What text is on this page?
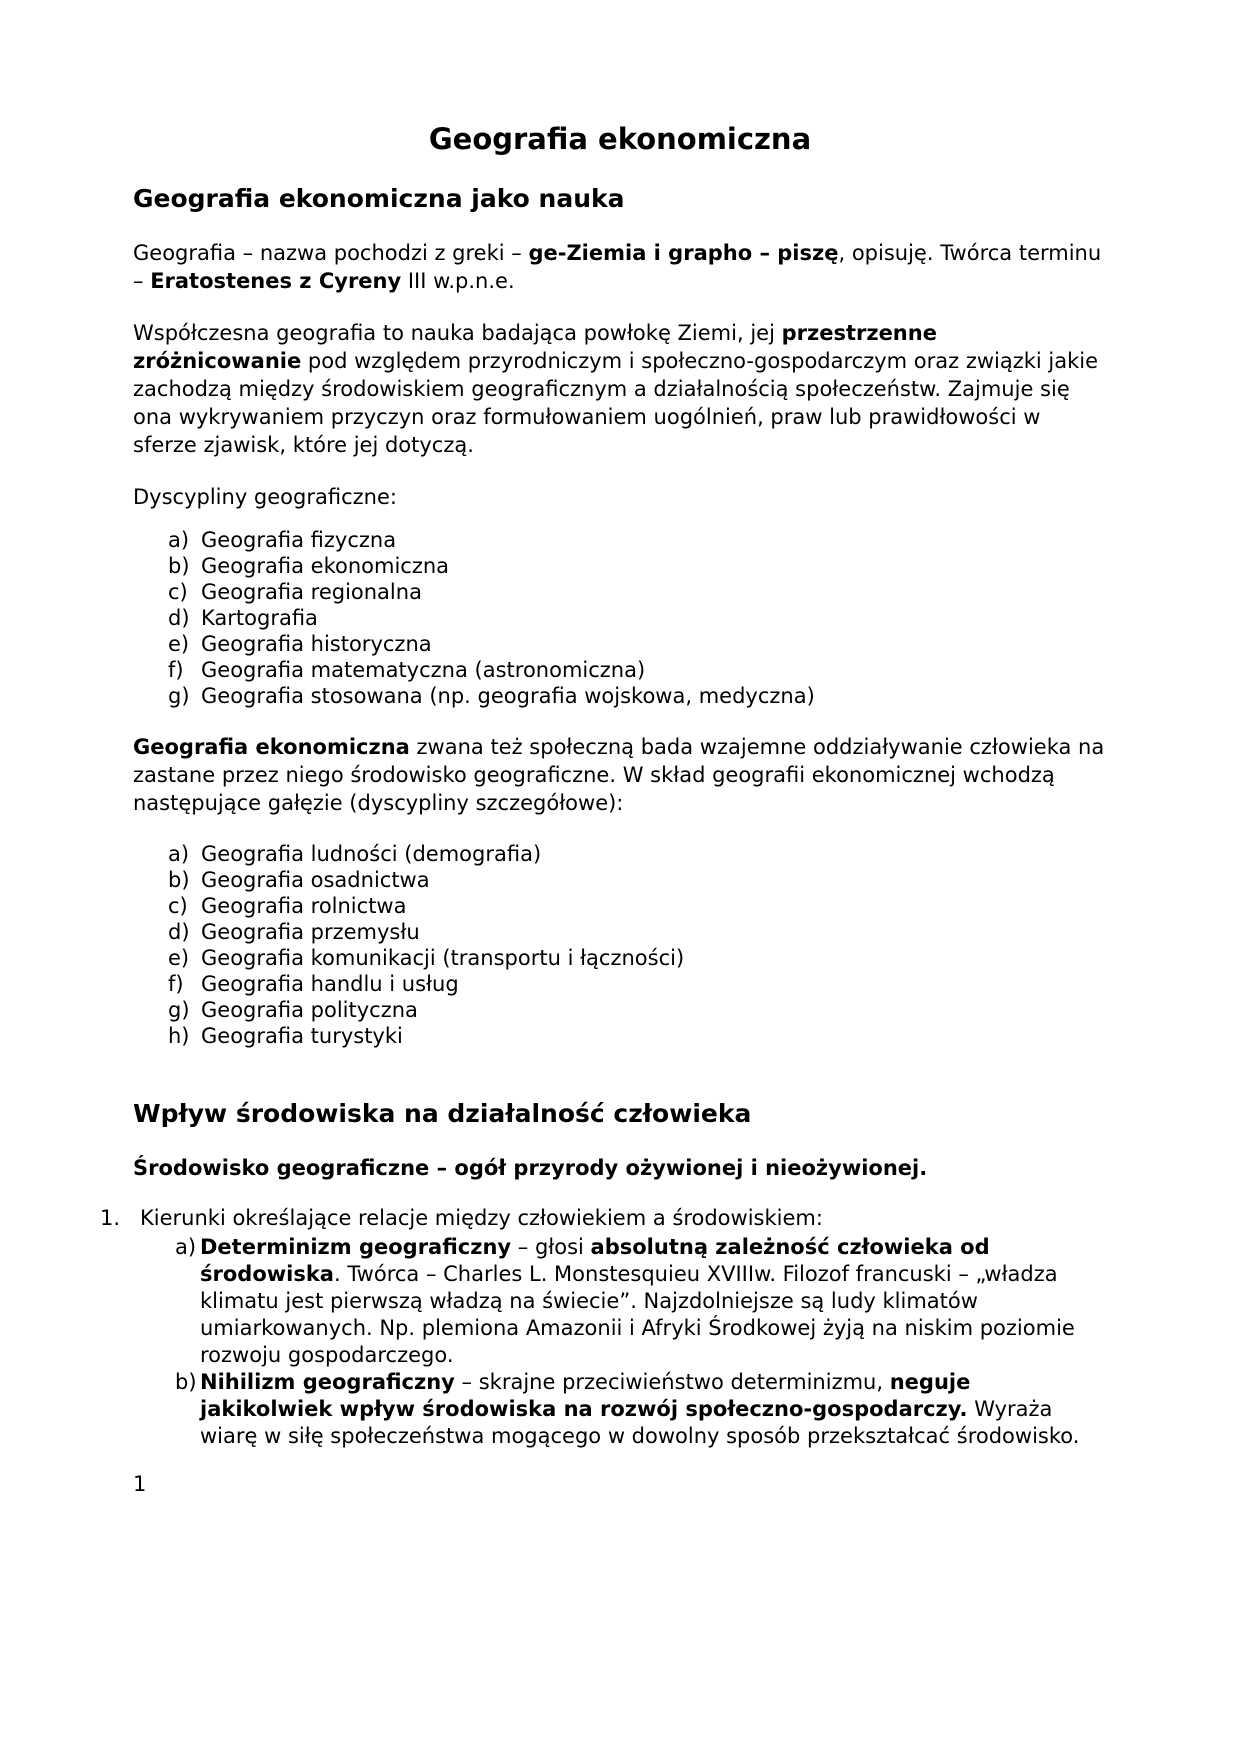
Geografia ekonomiczna
Geografia ekonomiczna jako nauka

Geografia – nazwa pochodzi z greki – ge-Ziemia i grapho – piszę, opisuję. Twórca terminu – Eratostenes z Cyreny III w.p.n.e.

Współczesna geografia to nauka badająca powłokę Ziemi, jej przestrzenne zróżnicowanie pod względem przyrodniczym i społeczno-gospodarczym oraz związki jakie zachodzą między środowiskiem geograficznym a działalnością społeczeństw. Zajmuje się ona wykrywaniem przyczyn oraz formułowaniem uogólnień, praw lub prawidłowości w sferze zjawisk, które jej dotyczą.

Dyscypliny geograficzne:

a) Geografia fizyczna
b) Geografia ekonomiczna
c) Geografia regionalna
d) Kartografia
e) Geografia historyczna
f) Geografia matematyczna (astronomiczna)
g) Geografia stosowana (np. geografia wojskowa, medyczna)

Geografia ekonomiczna zwana też społeczną bada wzajemne oddziaływanie człowieka na zastane przez niego środowisko geograficzne. W skład geografii ekonomicznej wchodzą następujące gałęzie (dyscypliny szczegółowe):

a) Geografia ludności (demografia)
b) Geografia osadnictwa
c) Geografia rolnictwa
d) Geografia przemysłu
e) Geografia komunikacji (transportu i łączności)
f) Geografia handlu i usług
g) Geografia polityczna
h) Geografia turystyki
Wpływ środowiska na działalność człowieka

Środowisko geograficzne – ogół przyrody ożywionej i nieożywionej.

1. Kierunki określające relacje między człowiekiem a środowiskiem:
a) Determinizm geograficzny – głosi absolutną zależność człowieka od środowiska. Twórca – Charles L. Monstesquieu XVIIIw. Filozof francuski – „władza klimatu jest pierwszą władzą na świecie”. Najzdolniejsze są ludy klimatów umiarkowanych. Np. plemiona Amazonii i Afryki Środkowej żyją na niskim poziomie rozwoju gospodarczego.
b) Nihilizm geograficzny – skrajne przeciwieństwo determinizmu, neguje jakikolwiek wpływ środowiska na rozwój społeczno-gospodarczy. Wyraża wiarę w siłę społeczeństwa mogącego w dowolny sposób przekształcać środowisko.
1
